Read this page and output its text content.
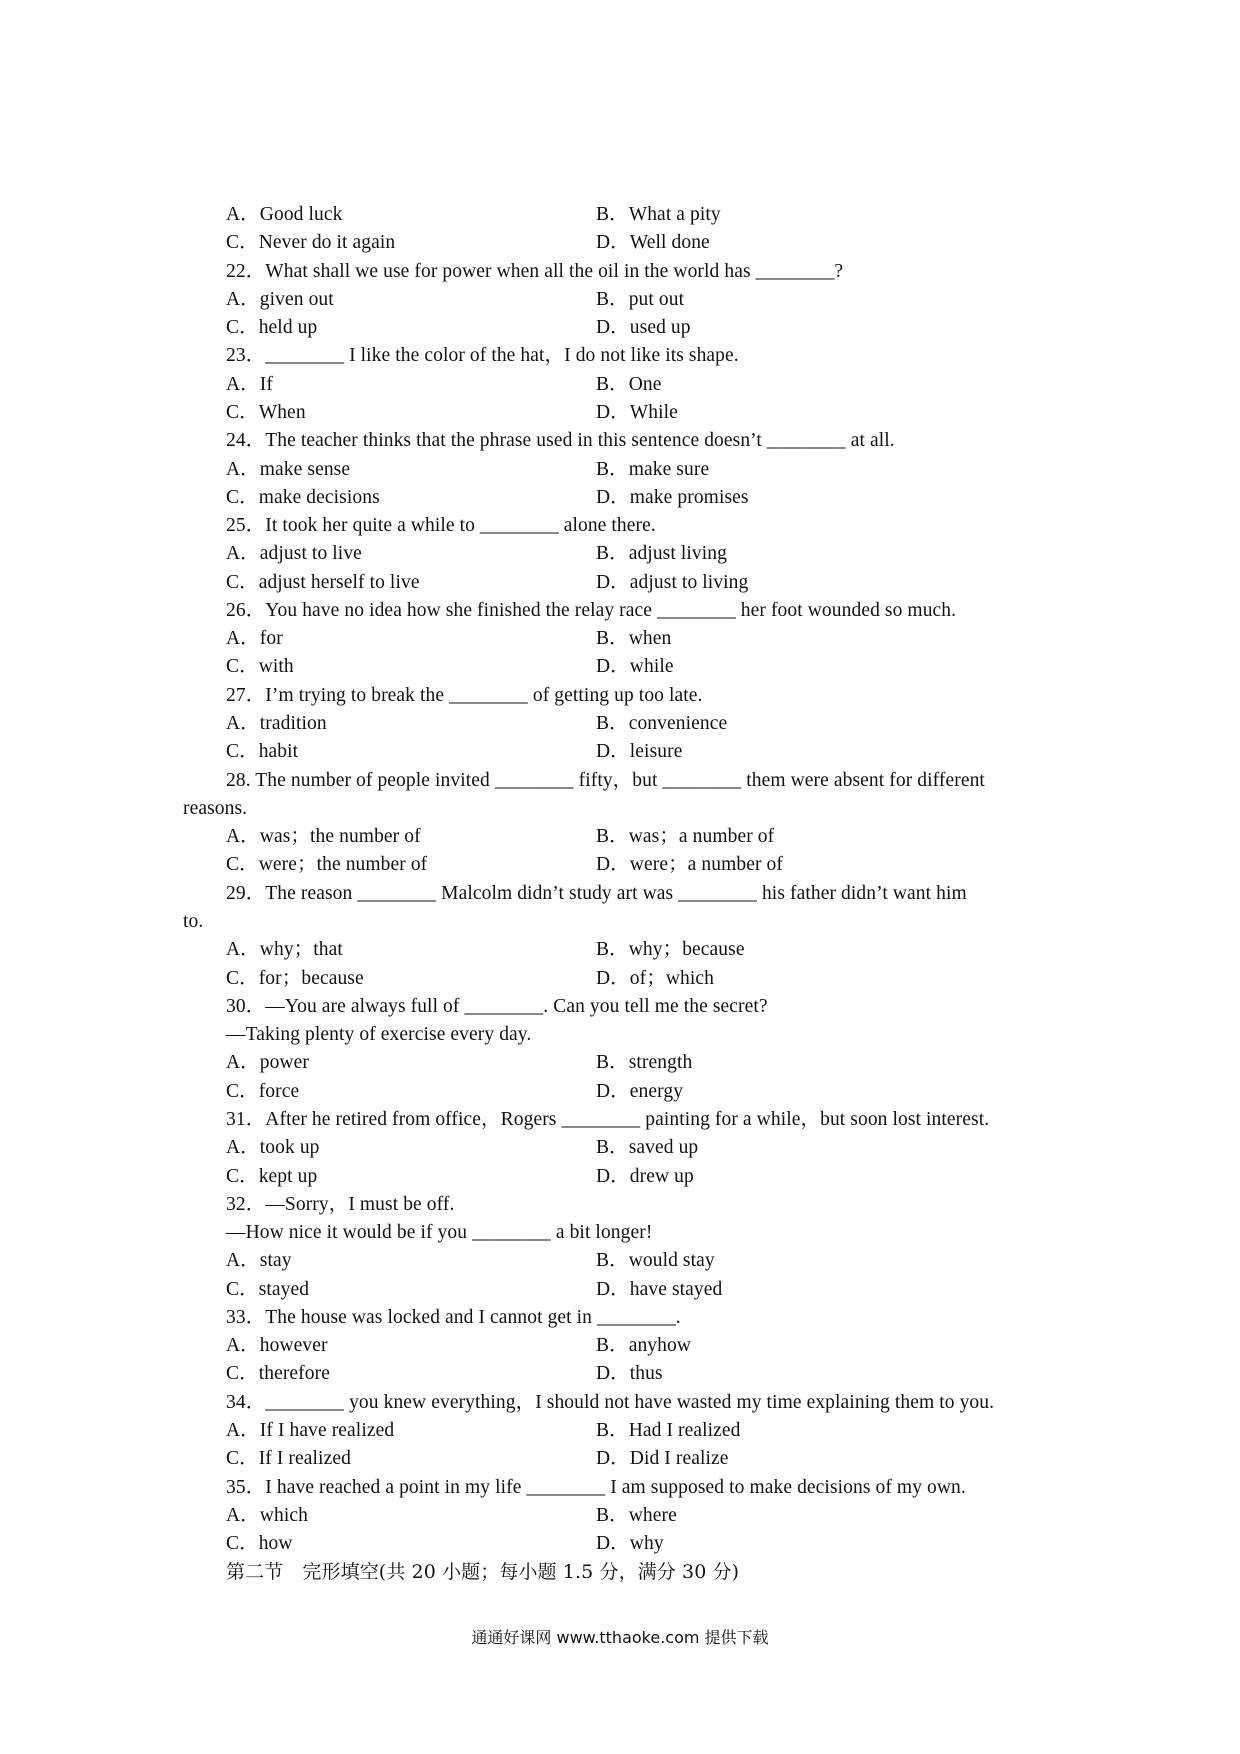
A．Good luck	B．What a pity
C．Never do it again	D．Well done
22．What shall we use for power when all the oil in the world has ________?
A．given out	B．put out
C．held up	D．used up
23．________ I like the color of the hat，I do not like its shape.
A．If	B．One
C．When	D．While
24．The teacher thinks that the phrase used in this sentence doesn’t ________ at all.
A．make sense	B．make sure
C．make decisions	D．make promises
25．It took her quite a while to ________ alone there.
A．adjust to live	B．adjust living
C．adjust herself to live	D．adjust to living
26．You have no idea how she finished the relay race ________ her foot wounded so much.
A．for	B．when
C．with	D．while
27．I’m trying to break the ________ of getting up too late.
A．tradition	B．convenience
C．habit	D．leisure
28. The number of people invited ________ fifty，but ________ them were absent for different
reasons.
A．was；the number of	B．was；a number of
C．were；the number of	D．were；a number of
29．The reason ________ Malcolm didn’t study art was ________ his father didn’t want him
to.
A．why；that	B．why；because
C．for；because	D．of；which
30．—You are always full of ________. Can you tell me the secret?
—Taking plenty of exercise every day.
A．power	B．strength
C．force	D．energy
31．After he retired from office，Rogers ________ painting for a while，but soon lost interest.
A．took up	B．saved up
C．kept up	D．drew up
32．—Sorry，I must be off.
—How nice it would be if you ________ a bit longer!
A．stay	B．would stay
C．stayed	D．have stayed
33．The house was locked and I cannot get in ________.
A．however	B．anyhow
C．therefore	D．thus
34．________ you knew everything，I should not have wasted my time explaining them to you.
A．If I have realized	B．Had I realized
C．If I realized	D．Did I realize
35．I have reached a point in my life ________ I am supposed to make decisions of my own.
A．which	B．where
C．how	D．why
第二节　完形填空(共 20 小题；每小题 1.5 分，满分 30 分)
通通好课网 www.tthaoke.com 提供下载
